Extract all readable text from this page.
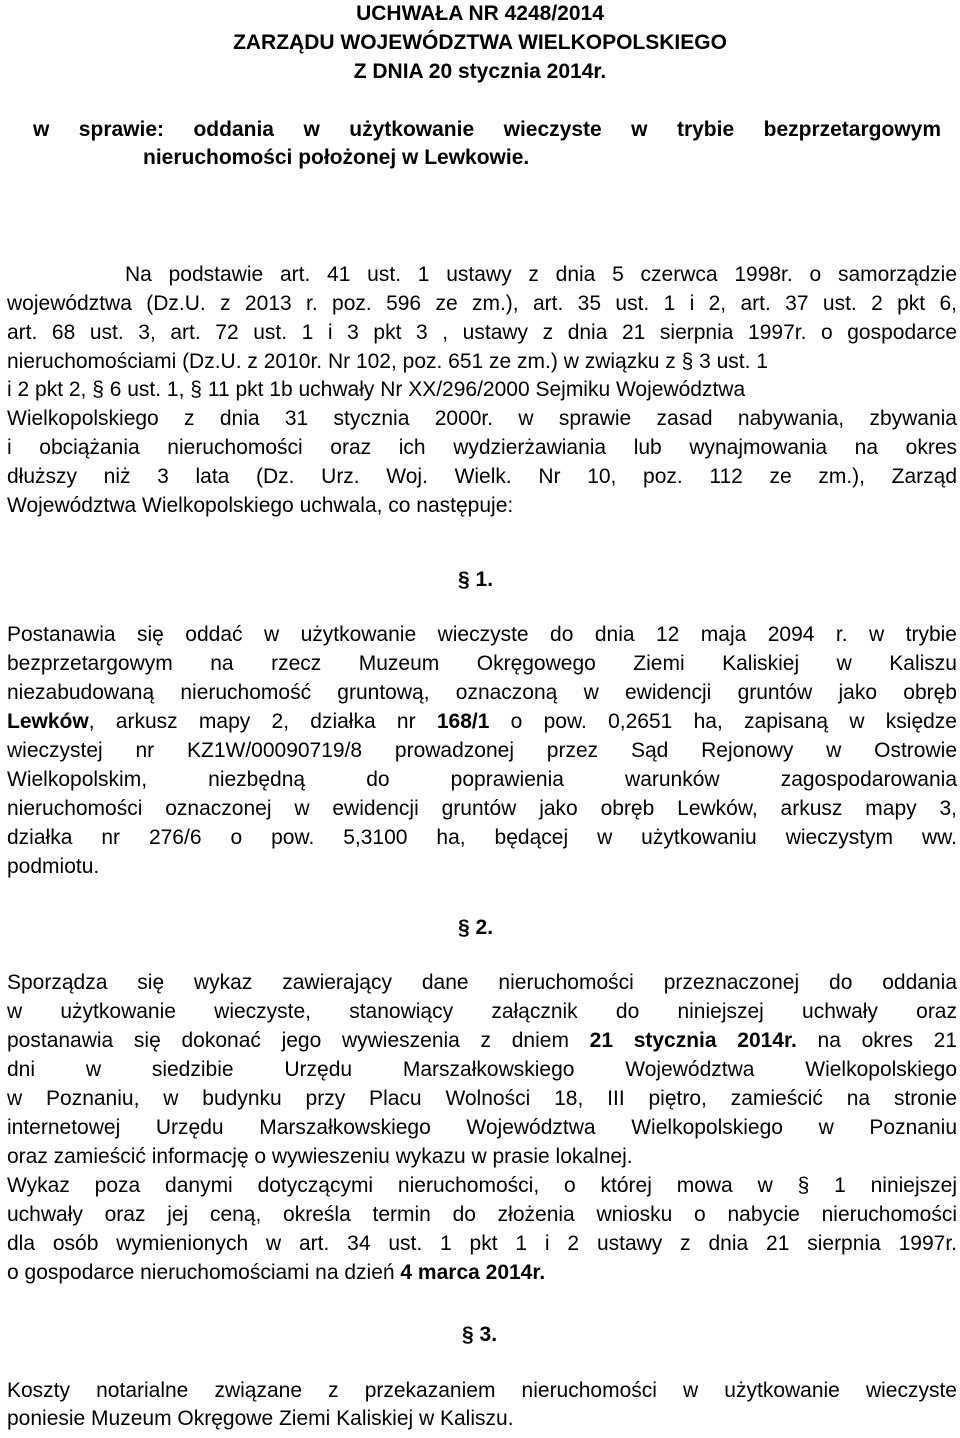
UCHWAŁA NR 4248/2014
ZARZĄDU WOJEWÓDZTWA WIELKOPOLSKIEGO
Z DNIA 20 stycznia 2014r.
w sprawie: oddania w użytkowanie wieczyste w trybie bezprzetargowym
nieruchomości położonej w Lewkowie.
Na podstawie art. 41 ust. 1 ustawy z dnia 5 czerwca 1998r. o samorządzie
województwa (Dz.U. z 2013 r. poz. 596 ze zm.), art. 35 ust. 1 i 2, art. 37 ust. 2 pkt 6,
art. 68 ust. 3, art. 72 ust. 1 i 3 pkt 3 , ustawy z dnia 21 sierpnia 1997r. o gospodarce
nieruchomościami (Dz.U. z 2010r. Nr 102, poz. 651 ze zm.) w związku z § 3 ust. 1
i 2 pkt 2, § 6 ust. 1, § 11 pkt 1b uchwały Nr XX/296/2000 Sejmiku Województwa
Wielkopolskiego z dnia 31 stycznia 2000r. w sprawie zasad nabywania, zbywania
i obciążania nieruchomości oraz ich wydzierżawiania lub wynajmowania na okres
dłuższy niż 3 lata (Dz. Urz. Woj. Wielk. Nr 10, poz. 112 ze zm.), Zarząd
Województwa Wielkopolskiego uchwala, co następuje:
§ 1.
Postanawia się oddać w użytkowanie wieczyste do dnia 12 maja 2094 r. w trybie
bezprzetargowym na rzecz Muzeum Okręgowego Ziemi Kaliskiej w Kaliszu
niezabudowaną nieruchomość gruntową, oznaczoną w ewidencji gruntów jako obręb
Lewków, arkusz mapy 2, działka nr 168/1 o pow. 0,2651 ha, zapisaną w księdze
wieczystej nr KZ1W/00090719/8 prowadzonej przez Sąd Rejonowy w Ostrowie
Wielkopolskim, niezbędną do poprawienia warunków zagospodarowania
nieruchomości oznaczonej w ewidencji gruntów jako obręb Lewków, arkusz mapy 3,
działka nr 276/6 o pow. 5,3100 ha, będącej w użytkowaniu wieczystym ww.
podmiotu.
§ 2.
Sporządza się wykaz zawierający dane nieruchomości przeznaczonej do oddania
w użytkowanie wieczyste, stanowiący załącznik do niniejszej uchwały oraz
postanawia się dokonać jego wywieszenia z dniem 21 stycznia 2014r. na okres 21
dni w siedzibie Urzędu Marszałkowskiego Województwa Wielkopolskiego
w Poznaniu, w budynku przy Placu Wolności 18, III piętro, zamieścić na stronie
internetowej Urzędu Marszałkowskiego Województwa Wielkopolskiego w Poznaniu
oraz zamieścić informację o wywieszeniu wykazu w prasie lokalnej.
Wykaz poza danymi dotyczącymi nieruchomości, o której mowa w § 1 niniejszej
uchwały oraz jej ceną, określa termin do złożenia wniosku o nabycie nieruchomości
dla osób wymienionych w art. 34 ust. 1 pkt 1 i 2 ustawy z dnia 21 sierpnia 1997r.
o gospodarce nieruchomościami na dzień 4 marca 2014r.
§ 3.
Koszty notarialne związane z przekazaniem nieruchomości w użytkowanie wieczyste
poniesie Muzeum Okręgowe Ziemi Kaliskiej w Kaliszu.
